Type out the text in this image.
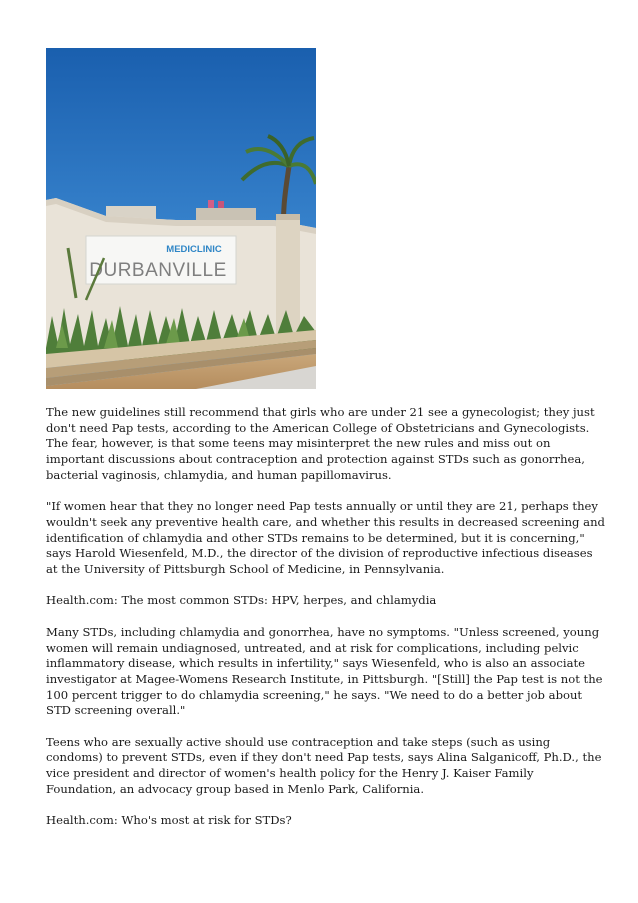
MEDICLINIC
DURBANVILLE

The new guidelines still recommend that girls who are under 21 see a gynecologist; they just don't need Pap tests, according to the American College of Obstetricians and Gynecologists. The fear, however, is that some teens may misinterpret the new rules and miss out on important discussions about contraception and protection against STDs such as gonorrhea, bacterial vaginosis, chlamydia, and human papillomavirus.

"If women hear that they no longer need Pap tests annually or until they are 21, perhaps they wouldn't seek any preventive health care, and whether this results in decreased screening and identification of chlamydia and other STDs remains to be determined, but it is concerning," says Harold Wiesenfeld, M.D., the director of the division of reproductive infectious diseases at the University of Pittsburgh School of Medicine, in Pennsylvania.

Health.com: The most common STDs: HPV, herpes, and chlamydia

Many STDs, including chlamydia and gonorrhea, have no symptoms. "Unless screened, young women will remain undiagnosed, untreated, and at risk for complications, including pelvic inflammatory disease, which results in infertility," says Wiesenfeld, who is also an associate investigator at Magee-Womens Research Institute, in Pittsburgh. "[Still] the Pap test is not the 100 percent trigger to do chlamydia screening," he says. "We need to do a better job about STD screening overall."

Teens who are sexually active should use contraception and take steps (such as using condoms) to prevent STDs, even if they don't need Pap tests, says Alina Salganicoff, Ph.D., the vice president and director of women's health policy for the Henry J. Kaiser Family Foundation, an advocacy group based in Menlo Park, California.

Health.com: Who's most at risk for STDs?
